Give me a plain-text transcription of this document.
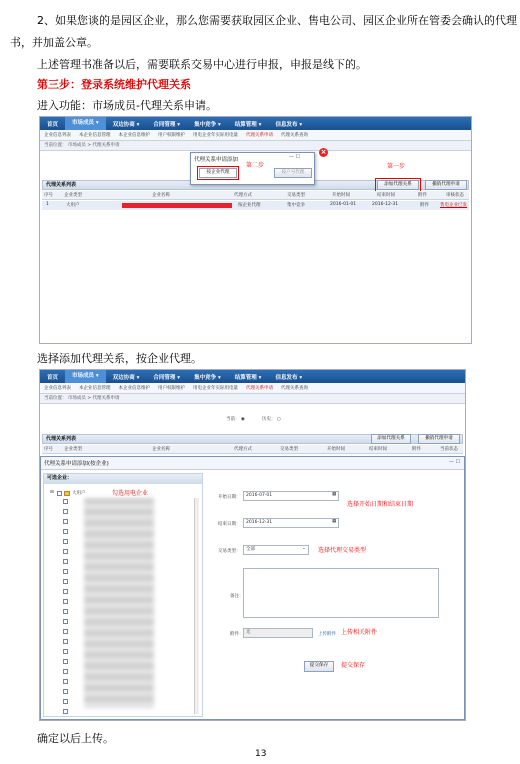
2、如果您谈的是园区企业，那么您需要获取园区企业、售电公司、园区企业所在管委会确认的代理
书，并加盖公章。
上述管理书准备以后，需要联系交易中心进行申报，申报是线下的。
第三步：登录系统维护代理关系
进入功能：市场成员-代理关系申请。
首页	市场成员 ▾	双边协商 ▾	合同管理 ▾	集中竞争 ▾	结算管理 ▾	信息发布 ▾
企业信息列表	本企业信息管理	本企业信息维护	用户权限维护	用电企业年实际用电量	代理关系申请	代理关系查询
当前位置： 市场成员 > 代理关系申请
代理关系列表	添加代理关系	撤销代理申请
第一步
序号 企业类型	企业名称	代理方式	交易类型	开始时间	结束时间	附件	审核状态
1	大用户	按企业代理	集中竞争	2016-01-01	2016-12-31	附件 售电企业已发
代理关系申请添加	— ☐
按企业代理	按户号代理
×
第二步
选择添加代理关系，按企业代理。
首页	市场成员 ▾	双边协商 ▾	合同管理 ▾	集中竞争 ▾	结算管理 ▾	信息发布 ▾
企业信息列表	本企业信息管理	本企业信息维护	用户权限维护	用电企业年实际用电量	代理关系申请	代理关系查询
当前位置： 市场成员 > 代理关系申请
当前： ◉	历史： ○
代理关系列表	添加代理关系	撤销代理申请
序号 企业类型	企业名称	代理方式	交易类型	开始时间	结束时间	附件	当前状态
代理关系申请添加(按企业)	— ☐
可选企业：
⊟	大用户	勾选用电企业
开始日期：	2016-07-01	▦
选择开始日期和结束日期
结束日期：	2016-12-31	▦
交易类型：	全部	⌄ 选择代理交易类型
备注：
附件： 无	上传附件 上传相关附件
提交保存	提交保存
确定以后上传。
13
